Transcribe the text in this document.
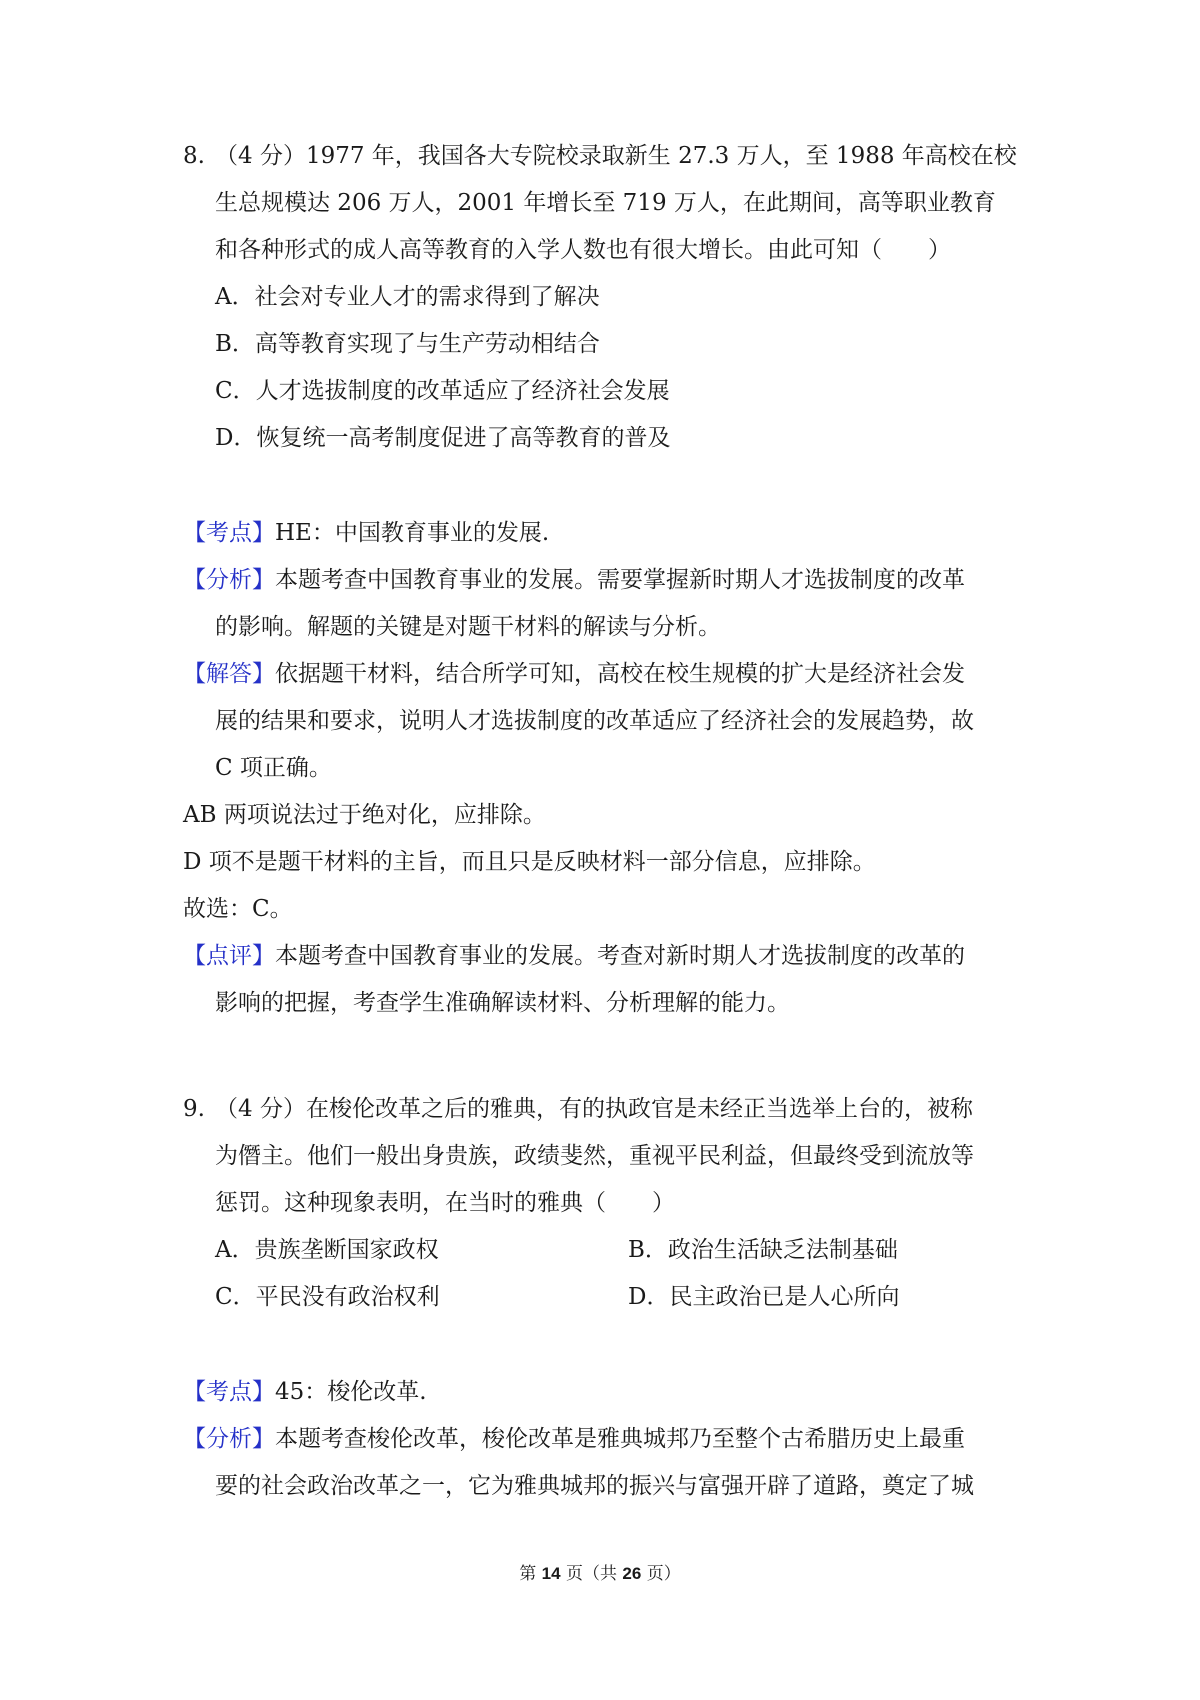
8. （4 分）1977 年，我国各大专院校录取新生 27.3 万人，至 1988 年高校在校
生总规模达 206 万人，2001 年增长至 719 万人，在此期间，高等职业教育
和各种形式的成人高等教育的入学人数也有很大增长。由此可知（　　）
A．社会对专业人才的需求得到了解决
B．高等教育实现了与生产劳动相结合
C．人才选拔制度的改革适应了经济社会发展
D．恢复统一高考制度促进了高等教育的普及
【考点】HE：中国教育事业的发展.
【分析】本题考查中国教育事业的发展。需要掌握新时期人才选拔制度的改革
的影响。解题的关键是对题干材料的解读与分析。
【解答】依据题干材料，结合所学可知，高校在校生规模的扩大是经济社会发
展的结果和要求，说明人才选拔制度的改革适应了经济社会的发展趋势，故
C 项正确。
AB 两项说法过于绝对化，应排除。
D 项不是题干材料的主旨，而且只是反映材料一部分信息，应排除。
故选：C。
【点评】本题考查中国教育事业的发展。考查对新时期人才选拔制度的改革的
影响的把握，考查学生准确解读材料、分析理解的能力。
9. （4 分）在梭伦改革之后的雅典，有的执政官是未经正当选举上台的，被称
为僭主。他们一般出身贵族，政绩斐然，重视平民利益，但最终受到流放等
惩罚。这种现象表明，在当时的雅典（　　）
A．贵族垄断国家政权	B．政治生活缺乏法制基础
C．平民没有政治权利	D．民主政治已是人心所向
【考点】45：梭伦改革.
【分析】本题考查梭伦改革，梭伦改革是雅典城邦乃至整个古希腊历史上最重
要的社会政治改革之一，它为雅典城邦的振兴与富强开辟了道路，奠定了城
第 14 页（共 26 页）
